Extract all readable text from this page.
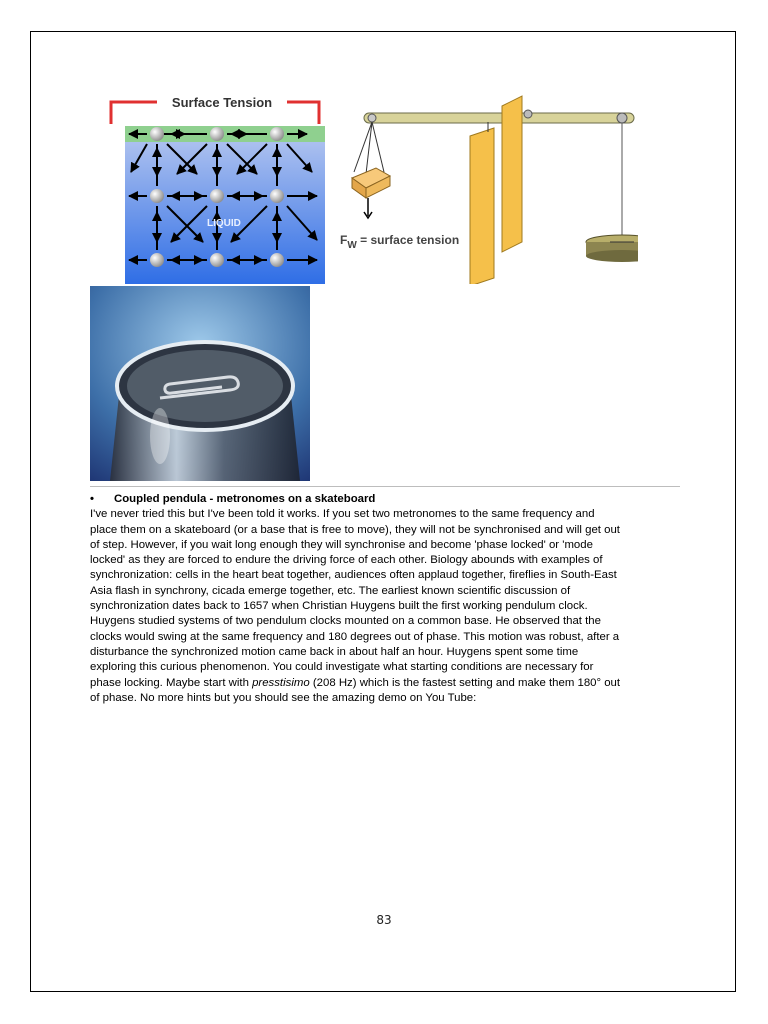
Surface Tension
LIQUID
$F_W$ = surface tension
•	Coupled pendula - metronomes on a skateboard

I've never tried this but I've been told it works. If you set two metronomes to the same frequency and

place them on a skateboard (or a base that is free to move), they will not be synchronised and will get out

of step. However, if you wait long enough they will synchronise and become 'phase locked' or 'mode

locked' as they are forced to endure the driving force of each other. Biology abounds with examples of

synchronization: cells in the heart beat together, audiences often applaud together, fireflies in South-East

Asia flash in synchrony, cicada emerge together, etc. The earliest known scientific discussion of

synchronization dates back to 1657 when Christian Huygens built the first working pendulum clock.

Huygens studied systems of two pendulum clocks mounted on a common base. He observed that the

clocks would swing at the same frequency and 180 degrees out of phase. This motion was robust, after a

disturbance the synchronized motion came back in about half an hour. Huygens spent some time

exploring this curious phenomenon. You could investigate what starting conditions are necessary for

phase locking. Maybe start with presstisimo (208 Hz) which is the fastest setting and make them 180° out

of phase. No more hints but you should see the amazing demo on You Tube:

83
